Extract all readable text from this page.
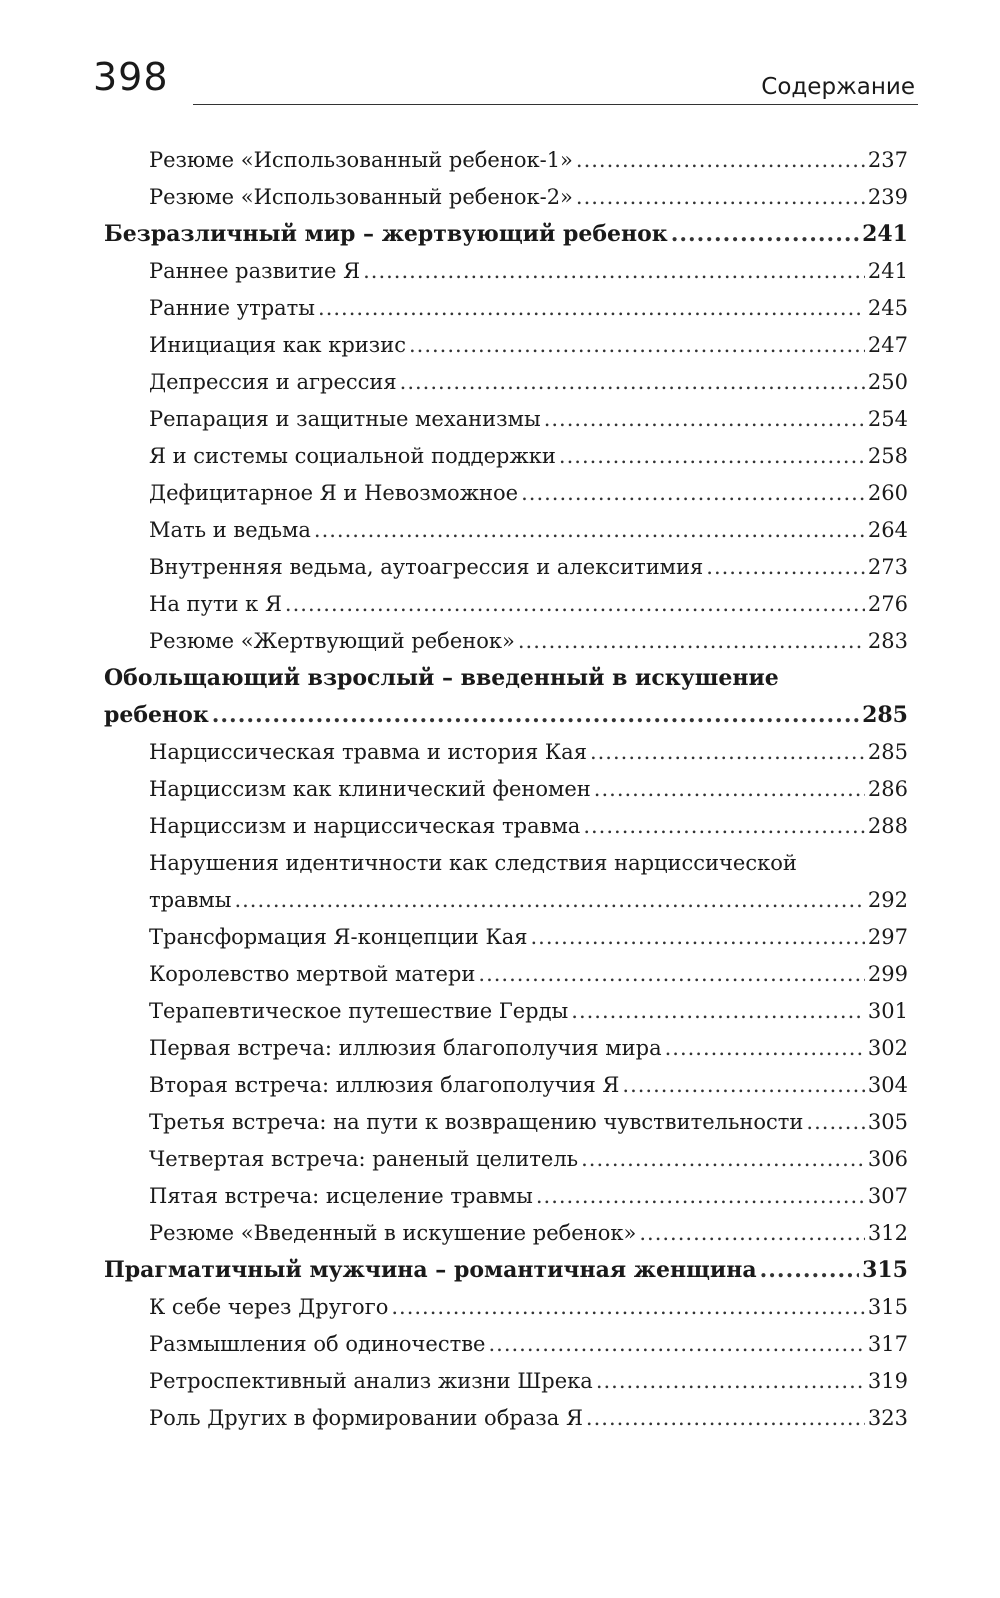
398	Содержание
Резюме «Использованный ребенок-1» .....	237
Резюме «Использованный ребенок-2» .....	239
Безразличный мир – жертвующий ребенок .....	241
Раннее развитие Я .....	241
Ранние утраты .....	245
Инициация как кризис .....	247
Депрессия и агрессия .....	250
Репарация и защитные механизмы .....	254
Я и системы социальной поддержки .....	258
Дефицитарное Я и Невозможное .....	260
Мать и ведьма .....	264
Внутренняя ведьма, аутоагрессия и алекситимия .....	273
На пути к Я .....	276
Резюме «Жертвующий ребенок» .....	283
Обольщающий взрослый – введенный в искушение
ребенок .....	285
Нарциссическая травма и история Кая .....	285
Нарциссизм как клинический феномен .....	286
Нарциссизм и нарциссическая травма .....	288
Нарушения идентичности как следствия нарциссической
травмы .....	292
Трансформация Я-концепции Кая .....	297
Королевство мертвой матери .....	299
Терапевтическое путешествие Герды .....	301
Первая встреча: иллюзия благополучия мира .....	302
Вторая встреча: иллюзия благополучия Я .....	304
Третья встреча: на пути к возвращению чувствительности .....	305
Четвертая встреча: раненый целитель .....	306
Пятая встреча: исцеление травмы .....	307
Резюме «Введенный в искушение ребенок» .....	312
Прагматичный мужчина – романтичная женщина .....	315
К себе через Другого .....	315
Размышления об одиночестве .....	317
Ретроспективный анализ жизни Шрека .....	319
Роль Других в формировании образа Я .....	323
